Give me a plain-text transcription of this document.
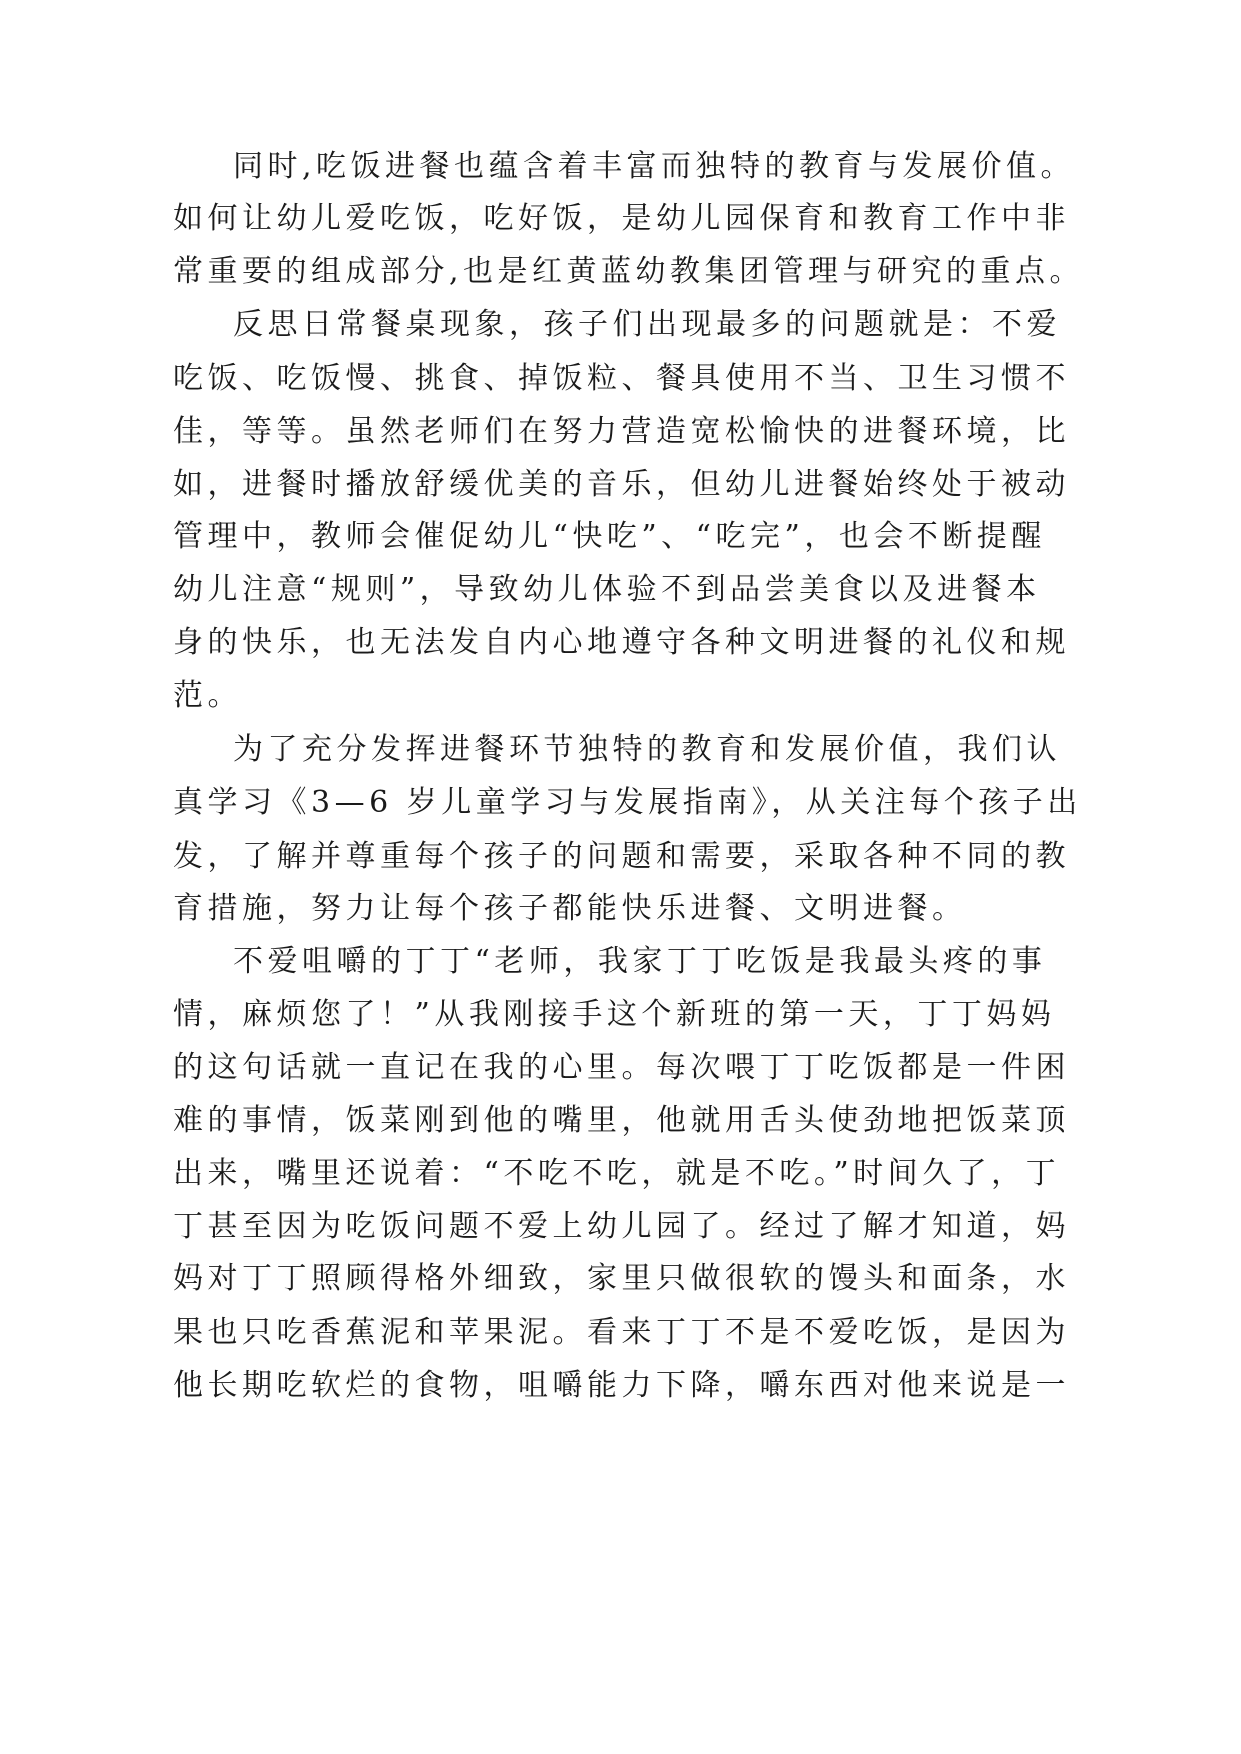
同时,吃饭进餐也蕴含着丰富而独特的教育与发展价值。
如何让幼儿爱吃饭，吃好饭，是幼儿园保育和教育工作中非
常重要的组成部分,也是红黄蓝幼教集团管理与研究的重点。
反思日常餐桌现象，孩子们出现最多的问题就是：不爱
吃饭、吃饭慢、挑食、掉饭粒、餐具使用不当、卫生习惯不
佳，等等。虽然老师们在努力营造宽松愉快的进餐环境，比
如，进餐时播放舒缓优美的音乐，但幼儿进餐始终处于被动
管理中，教师会催促幼儿“快吃”、“吃完”，也会不断提醒
幼儿注意“规则”，导致幼儿体验不到品尝美食以及进餐本
身的快乐，也无法发自内心地遵守各种文明进餐的礼仪和规
范。
为了充分发挥进餐环节独特的教育和发展价值，我们认
真学习《3—6 岁儿童学习与发展指南》，从关注每个孩子出
发，了解并尊重每个孩子的问题和需要，采取各种不同的教
育措施，努力让每个孩子都能快乐进餐、文明进餐。
不爱咀嚼的丁丁“老师，我家丁丁吃饭是我最头疼的事
情，麻烦您了！”从我刚接手这个新班的第一天，丁丁妈妈
的这句话就一直记在我的心里。每次喂丁丁吃饭都是一件困
难的事情，饭菜刚到他的嘴里，他就用舌头使劲地把饭菜顶
出来，嘴里还说着：“不吃不吃，就是不吃。”时间久了，丁
丁甚至因为吃饭问题不爱上幼儿园了。经过了解才知道，妈
妈对丁丁照顾得格外细致，家里只做很软的馒头和面条，水
果也只吃香蕉泥和苹果泥。看来丁丁不是不爱吃饭，是因为
他长期吃软烂的食物，咀嚼能力下降，嚼东西对他来说是一
